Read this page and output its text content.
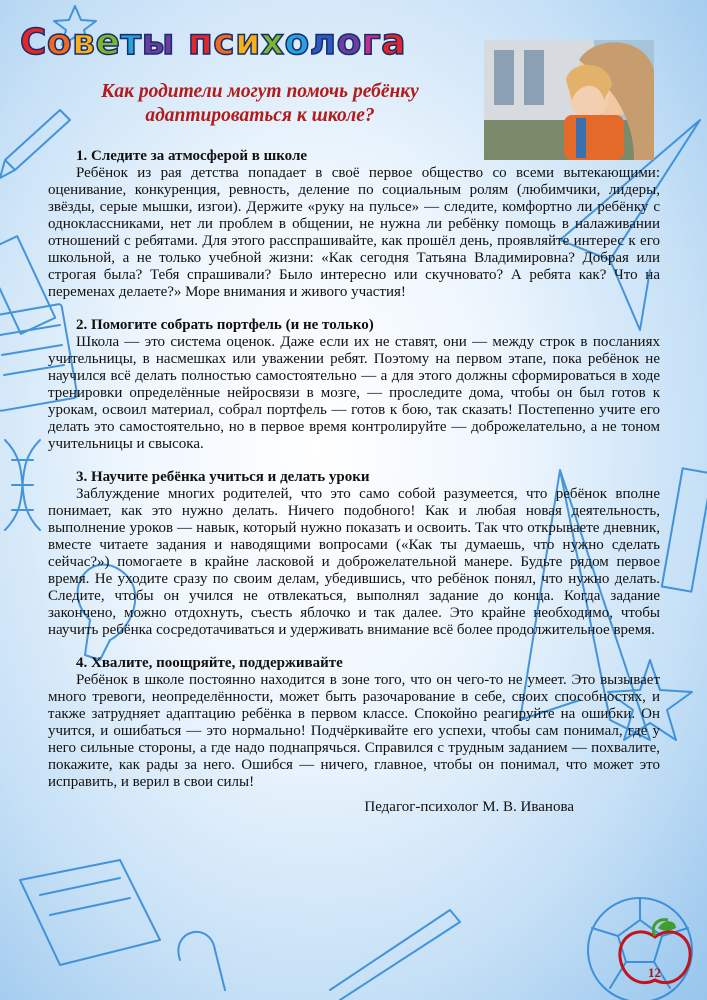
Советы психолога

Как родители могут помочь ребёнку адаптироваться к школе?

1. Следите за атмосферой в школе

Ребёнок из рая детства попадает в своё первое общество со всеми вытекающими: оценивание, конкуренция, ревность, деление по социальным ролям (любимчики, лидеры, звёзды, серые мышки, изгои). Держите «руку на пульсе» — следите, комфортно ли ребёнку с одноклассниками, нет ли проблем в общении, не нужна ли ребёнку помощь в налаживании отношений с ребятами. Для этого расспрашивайте, как прошёл день, проявляйте интерес к его школьной, а не только учебной жизни: «Как сегодня Татьяна Владимировна? Добрая или строгая была? Тебя спрашивали? Было интересно или скучновато? А ребята как? Что на переменах делаете?» Море внимания и живого участия!

2. Помогите собрать портфель (и не только)

Школа — это система оценок. Даже если их не ставят, они — между строк в посланиях учительницы, в насмешках или уважении ребят. Поэтому на первом этапе, пока ребёнок не научился всё делать полностью самостоятельно — а для этого должны сформироваться в ходе тренировки определённые нейросвязи в мозге, — проследите дома, чтобы он был готов к урокам, освоил материал, собрал портфель — готов к бою, так сказать! Постепенно учите его делать это самостоятельно, но в первое время контролируйте — доброжелательно, а не тоном учительницы и свысока.

3. Научите ребёнка учиться и делать уроки

Заблуждение многих родителей, что это само собой разумеется, что ребёнок вполне понимает, как это нужно делать. Ничего подобного! Как и любая новая деятельность, выполнение уроков — навык, который нужно показать и освоить. Так что открываете дневник, вместе читаете задания и наводящими вопросами («Как ты думаешь, что нужно сделать сейчас?») помогаете в крайне ласковой и доброжелательной манере. Будьте рядом первое время. Не уходите сразу по своим делам, убедившись, что ребёнок понял, что нужно делать. Следите, чтобы он учился не отвлекаться, выполнял задание до конца. Когда задание закончено, можно отдохнуть, съесть яблочко и так далее. Это крайне необходимо, чтобы научить ребёнка сосредотачиваться и удерживать внимание всё более продолжительное время.

4. Хвалите, поощряйте, поддерживайте

Ребёнок в школе постоянно находится в зоне того, что он чего-то не умеет. Это вызывает много тревоги, неопределённости, может быть разочарование в себе, своих способностях, и также затрудняет адаптацию ребёнка в первом классе. Спокойно реагируйте на ошибки. Он учится, и ошибаться — это нормально! Подчёркивайте его успехи, чтобы сам понимал, где у него сильные стороны, а где надо поднапрячься. Справился с трудным заданием — похвалите, покажите, как рады за него. Ошибся — ничего, главное, чтобы он понимал, что может это исправить, и верил в свои силы!

Педагог-психолог М. В. Иванова

12
